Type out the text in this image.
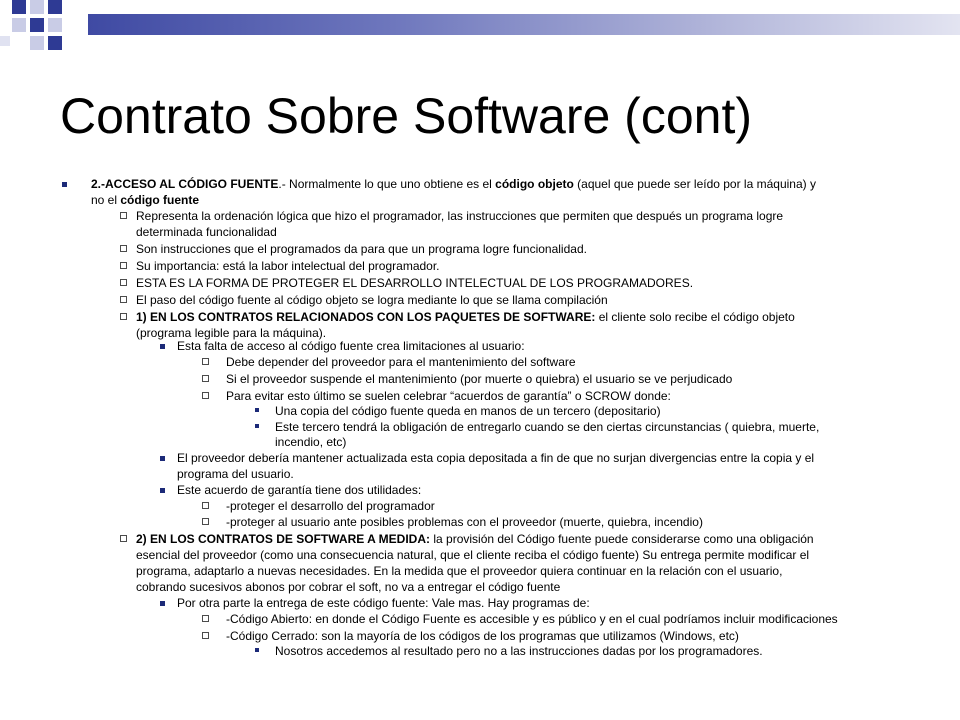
Contrato Sobre Software (cont)
2.-ACCESO AL CÓDIGO FUENTE.- Normalmente lo que uno obtiene es el código objeto (aquel que puede ser leído por la máquina) y
no el código fuente
Representa la ordenación lógica que hizo el programador, las instrucciones que permiten que después un programa logre
determinada funcionalidad
Son instrucciones que el programados da para que un programa logre funcionalidad.
Su importancia: está la labor intelectual del programador.
ESTA ES LA FORMA DE PROTEGER EL DESARROLLO INTELECTUAL DE LOS PROGRAMADORES.
El paso del código fuente al código objeto se logra mediante lo que se llama compilación
1) EN LOS CONTRATOS RELACIONADOS CON LOS PAQUETES DE SOFTWARE: el cliente solo recibe el código objeto
(programa legible para la máquina).
Esta falta de acceso al código fuente crea limitaciones al usuario:
Debe depender del proveedor para el mantenimiento del software
Si el proveedor suspende el mantenimiento (por muerte o quiebra) el usuario se ve perjudicado
Para evitar esto último se suelen celebrar “acuerdos de garantía” o SCROW donde:
Una copia del código fuente queda en manos de un tercero (depositario)
Este tercero tendrá la obligación de entregarlo cuando se den ciertas circunstancias ( quiebra, muerte,
incendio, etc)
El proveedor debería mantener actualizada esta copia depositada a fin de que no surjan divergencias entre la copia y el
programa del usuario.
Este acuerdo de garantía tiene dos utilidades:
-proteger el desarrollo del programador
-proteger al usuario ante posibles problemas con el proveedor (muerte, quiebra, incendio)
2) EN LOS CONTRATOS DE SOFTWARE A MEDIDA: la provisión del Código fuente puede considerarse como una obligación
esencial del proveedor (como una consecuencia natural, que el cliente reciba el código fuente) Su entrega permite modificar el
programa, adaptarlo a nuevas necesidades. En la medida que el proveedor quiera continuar en la relación con el usuario,
cobrando sucesivos abonos por cobrar el soft, no va a entregar el código fuente
Por otra parte la entrega de este código fuente: Vale mas. Hay programas de:
-Código Abierto: en donde el Código Fuente es accesible y es público y en el cual podríamos incluir modificaciones
-Código Cerrado: son la mayoría de los códigos de los programas que utilizamos (Windows, etc)
Nosotros accedemos al resultado pero no a las instrucciones dadas por los programadores.
